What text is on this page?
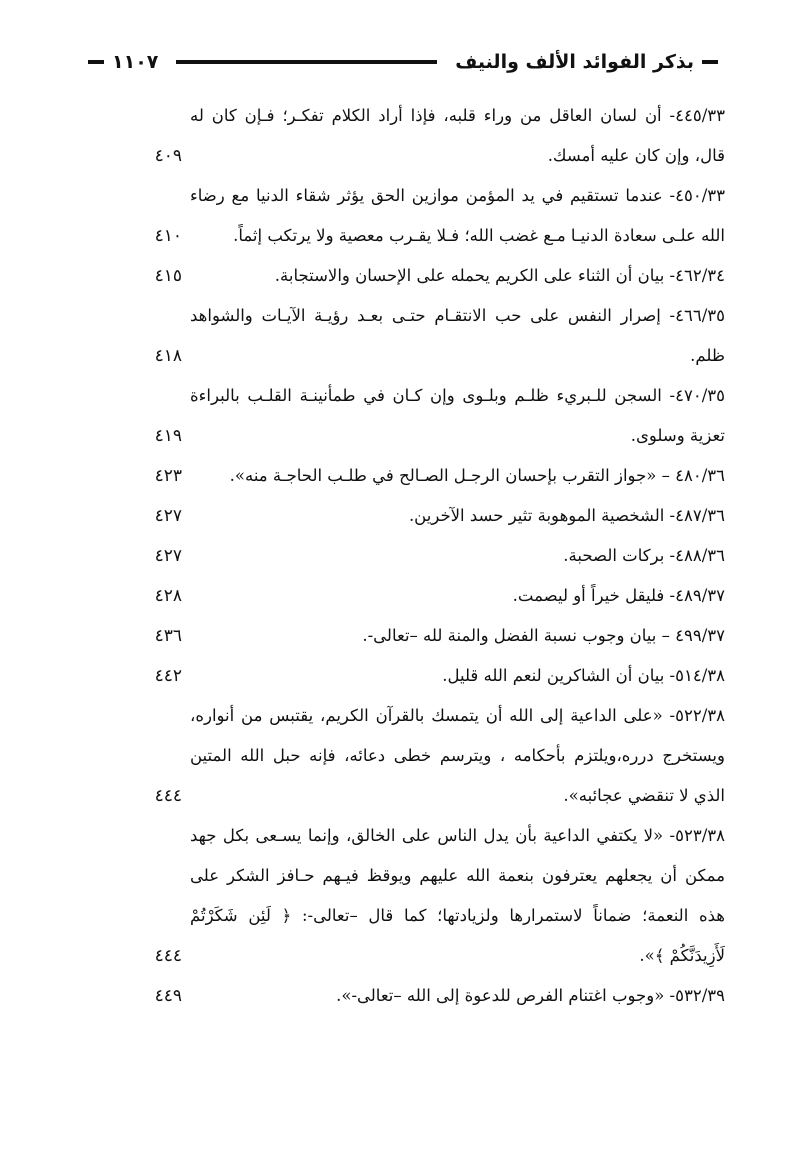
بذكر الفوائد الألف والنيف
١١٠٧
٤٤٥/٣٣- أن لسان العاقل من وراء قلبه، فإذا أراد الكلام تفكـر؛ فـإن كان له قال، وإن كان عليه أمسك.
٤٠٩
٤٥٠/٣٣- عندما تستقيم في يد المؤمن موازين الحق يؤثر شقاء الدنيا مع رضاء الله علـى سعادة الدنيـا مـع غضب الله؛ فـلا يقـرب معصية ولا يرتكب إثماً.
٤١٠
٤٦٢/٣٤- بيان أن الثناء على الكريم يحمله على الإحسان والاستجابة.
٤١٥
٤٦٦/٣٥- إصرار النفس على حب الانتقـام حتـى بعـد رؤيـة الآيـات والشواهد ظلم.
٤١٨
٤٧٠/٣٥- السجن للـبريء ظلـم وبلـوى وإن كـان في طمأنينـة القلـب بالبراءة تعزية وسلوى.
٤١٩
٤٨٠/٣٦ – «جواز التقرب بإحسان الرجـل الصـالح في طلـب الحاجـة منه».
٤٢٣
٤٨٧/٣٦- الشخصية الموهوبة تثير حسد الآخرين.
٤٢٧
٤٨٨/٣٦- بركات الصحبة.
٤٢٧
٤٨٩/٣٧- فليقل خيراً أو ليصمت.
٤٢٨
٤٩٩/٣٧ – بيان وجوب نسبة الفضل والمنة لله –تعالى-.
٤٣٦
٥١٤/٣٨- بيان أن الشاكرين لنعم الله قليل.
٤٤٢
٥٢٢/٣٨- «على الداعية إلى الله أن يتمسك بالقرآن الكريم، يقتبس من أنواره، ويستخرج درره،ويلتزم بأحكامه ، ويترسم خطى دعائه، فإنه حبل الله المتين الذي لا تنقضي عجائبه».
٤٤٤
٥٢٣/٣٨- «لا يكتفي الداعية بأن يدل الناس على الخالق، وإنما يسـعى بكل جهد ممكن أن يجعلهم يعترفون بنعمة الله عليهم ويوقظ فيـهم حـافز الشكر على هذه النعمة؛ ضماناً لاستمرارها ولزيادتها؛ كما قال –تعالى-: ﴿ لَئِن شَكَرْتُمْ لَأَزِيدَنَّكُمْ ﴾».
٤٤٤
٥٣٢/٣٩- «وجوب اغتنام الفرص للدعوة إلى الله –تعالى-».
٤٤٩
